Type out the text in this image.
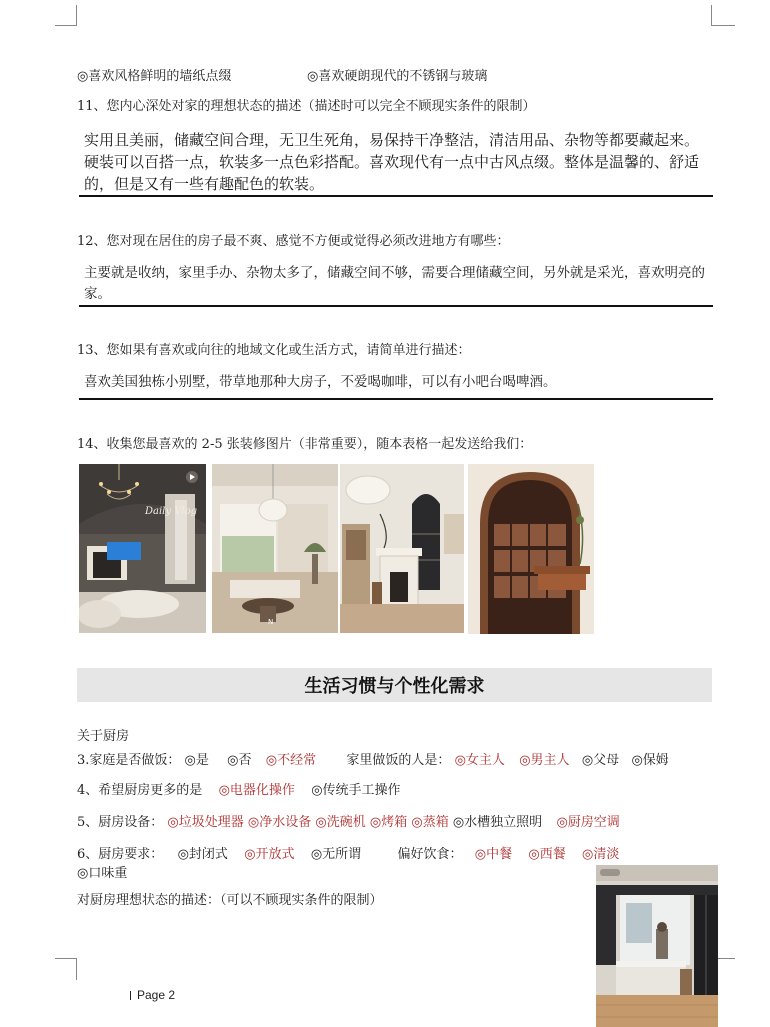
◎喜欢风格鲜明的墙纸点缀	◎喜欢硬朗现代的不锈钢与玻璃
11、您内心深处对家的理想状态的描述（描述时可以完全不顾现实条件的限制）
实用且美丽，储藏空间合理，无卫生死角，易保持干净整洁，清洁用品、杂物等都要藏起来。硬装可以百搭一点，软装多一点色彩搭配。喜欢现代有一点中古风点缀。整体是温馨的、舒适的，但是又有一些有趣配色的软装。
12、您对现在居住的房子最不爽、感觉不方便或觉得必须改进地方有哪些：
主要就是收纳，家里手办、杂物太多了，储藏空间不够，需要合理储藏空间，另外就是采光，喜欢明亮的家。
13、您如果有喜欢或向往的地域文化或生活方式，请简单进行描述：
喜欢美国独栋小别墅，带草地那种大房子，不爱喝咖啡，可以有小吧台喝啤酒。
14、收集您最喜欢的 2-5 张装修图片（非常重要），随本表格一起发送给我们：
Daily Vlog
N
生活习惯与个性化需求
关于厨房
3.家庭是否做饭： ◎是 ◎否 ◎不经常 家里做饭的人是： ◎女主人 ◎男主人 ◎父母 ◎保姆
4、希望厨房更多的是 ◎电器化操作 ◎传统手工操作
5、厨房设备： ◎垃圾处理器 ◎净水设备 ◎洗碗机 ◎烤箱 ◎蒸箱 ◎水槽独立照明 ◎厨房空调
6、厨房要求： ◎封闭式 ◎开放式 ◎无所谓	偏好饮食： ◎中餐 ◎西餐 ◎清淡
◎口味重
对厨房理想状态的描述：（可以不顾现实条件的限制）
Page 2
